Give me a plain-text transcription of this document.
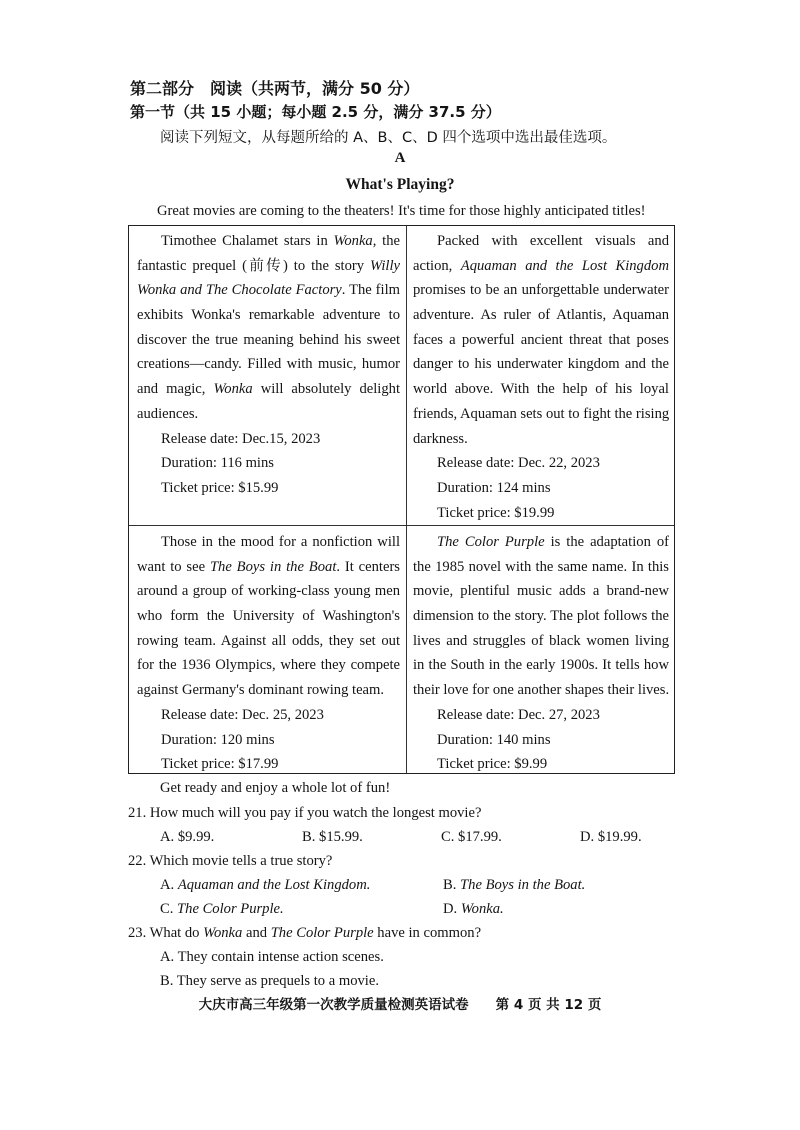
第二部分　阅读（共两节，满分 50 分）
第一节（共 15 小题；每小题 2.5 分，满分 37.5 分）
阅读下列短文，从每题所给的 A、B、C、D 四个选项中选出最佳选项。
A
What's Playing?
Great movies are coming to the theaters! It's time for those highly anticipated titles!
Timothee Chalamet stars in Wonka, the
fantastic prequel (前传) to the story Willy
Wonka and The Chocolate Factory. The film
exhibits Wonka's remarkable adventure to
discover the true meaning behind his sweet
creations—candy. Filled with music, humor
and magic, Wonka will absolutely delight
audiences.
Release date: Dec.15, 2023
Duration: 116 mins
Ticket price: $15.99
Packed with excellent visuals and
action, Aquaman and the Lost Kingdom
promises to be an unforgettable underwater
adventure. As ruler of Atlantis, Aquaman
faces a powerful ancient threat that poses
danger to his underwater kingdom and the
world above. With the help of his loyal
friends, Aquaman sets out to fight the rising
darkness.
Release date: Dec. 22, 2023
Duration: 124 mins
Ticket price: $19.99
Those in the mood for a nonfiction will
want to see The Boys in the Boat. It centers
around a group of working-class young men
who form the University of Washington's
rowing team. Against all odds, they set out
for the 1936 Olympics, where they compete
against Germany's dominant rowing team.
Release date: Dec. 25, 2023
Duration: 120 mins
Ticket price: $17.99
The Color Purple is the adaptation of
the 1985 novel with the same name. In this
movie, plentiful music adds a brand-new
dimension to the story. The plot follows the
lives and struggles of black women living
in the South in the early 1900s. It tells how
their love for one another shapes their lives.
Release date: Dec. 27, 2023
Duration: 140 mins
Ticket price: $9.99
Get ready and enjoy a whole lot of fun!
21. How much will you pay if you watch the longest movie?
A. $9.99.	B. $15.99.	C. $17.99.	D. $19.99.
22. Which movie tells a true story?
A. Aquaman and the Lost Kingdom.	B. The Boys in the Boat.
C. The Color Purple.	D. Wonka.
23. What do Wonka and The Color Purple have in common?
A. They contain intense action scenes.
B. They serve as prequels to a movie.
大庆市高三年级第一次教学质量检测英语试卷　　第 4 页 共 12 页
